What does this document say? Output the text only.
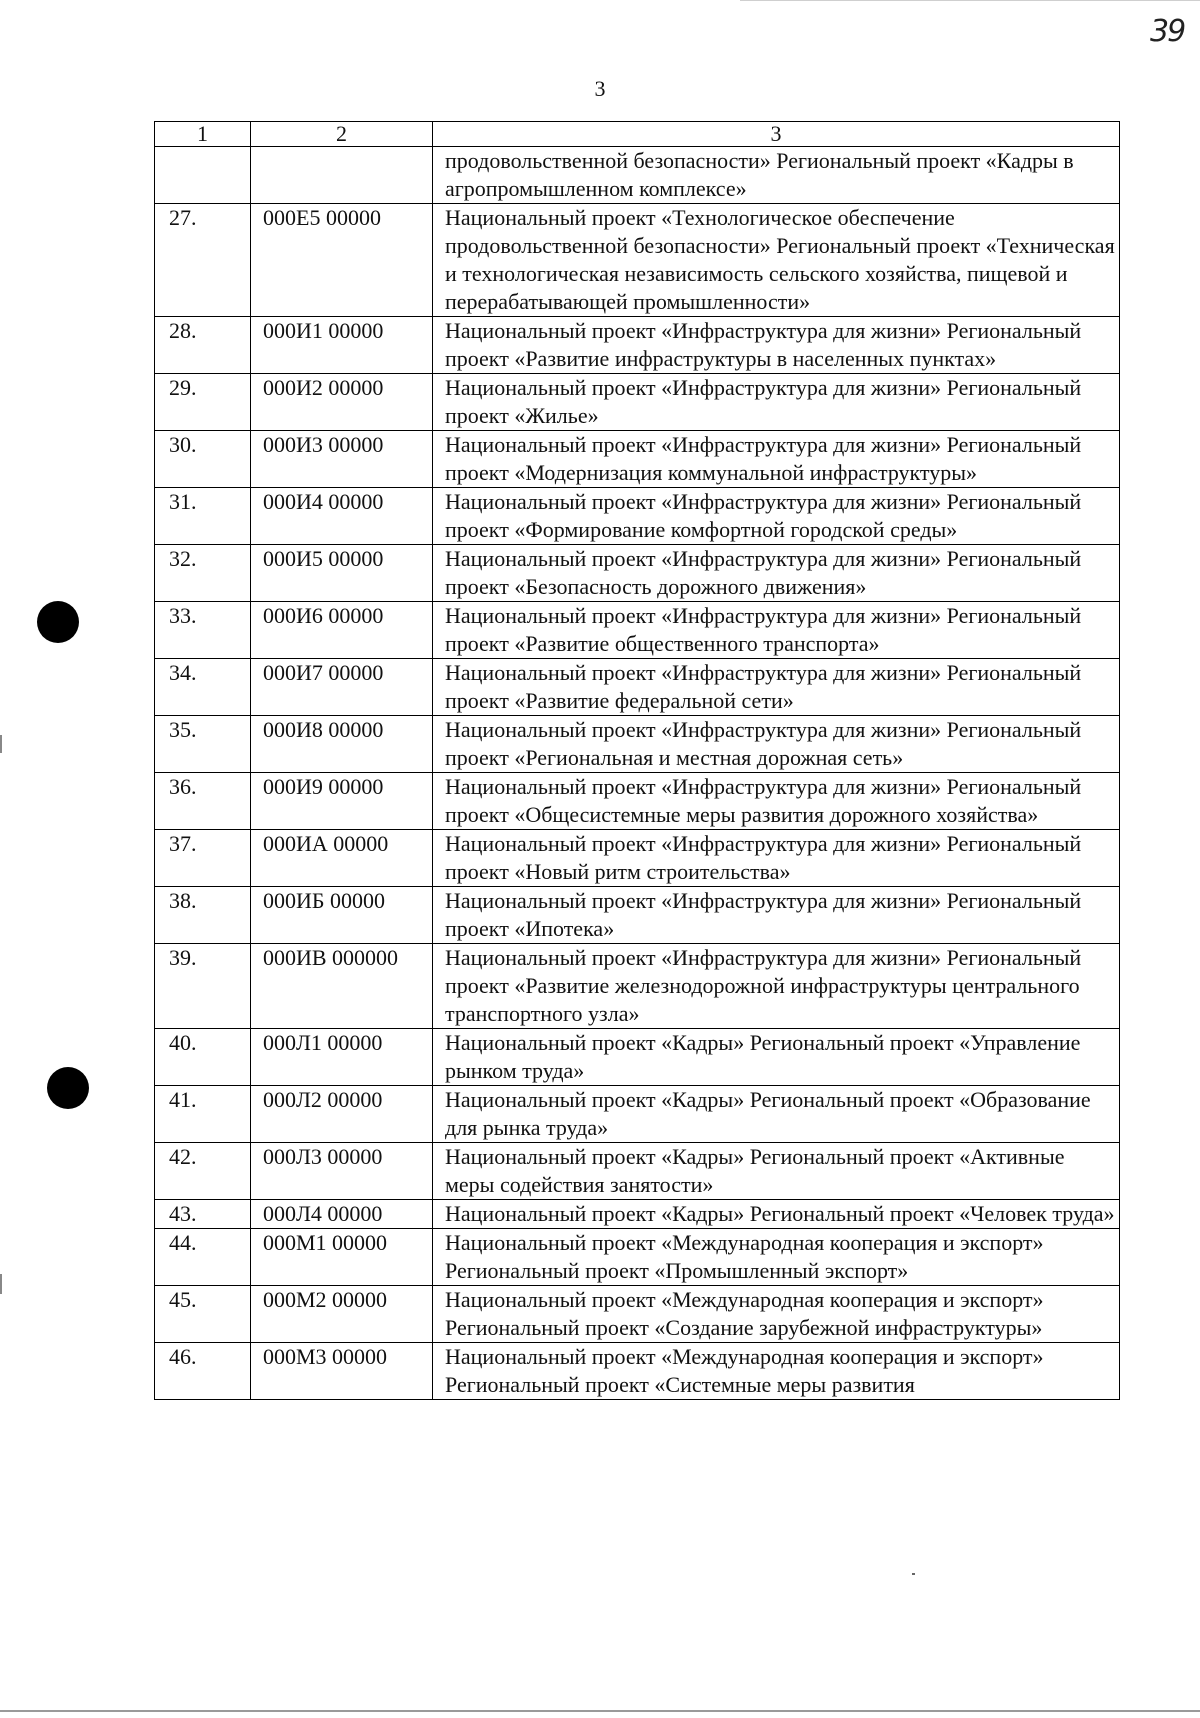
39
3
1	2	3
		продовольственной безопасности» Региональный проект «Кадры в агропромышленном комплексе»
27.	000Е5 00000	Национальный проект «Технологическое обеспечение продовольственной безопасности» Региональный проект «Техническая и технологическая независимость сельского хозяйства, пищевой и перерабатывающей промышленности»
28.	000И1 00000	Национальный проект «Инфраструктура для жизни» Региональный проект «Развитие инфраструктуры в населенных пунктах»
29.	000И2 00000	Национальный проект «Инфраструктура для жизни» Региональный проект «Жилье»
30.	000И3 00000	Национальный проект «Инфраструктура для жизни» Региональный проект «Модернизация коммунальной инфраструктуры»
31.	000И4 00000	Национальный проект «Инфраструктура для жизни» Региональный проект «Формирование комфортной городской среды»
32.	000И5 00000	Национальный проект «Инфраструктура для жизни» Региональный проект «Безопасность дорожного движения»
33.	000И6 00000	Национальный проект «Инфраструктура для жизни» Региональный проект «Развитие общественного транспорта»
34.	000И7 00000	Национальный проект «Инфраструктура для жизни» Региональный проект «Развитие федеральной сети»
35.	000И8 00000	Национальный проект «Инфраструктура для жизни» Региональный проект «Региональная и местная дорожная сеть»
36.	000И9 00000	Национальный проект «Инфраструктура для жизни» Региональный проект «Общесистемные меры развития дорожного хозяйства»
37.	000ИА 00000	Национальный проект «Инфраструктура для жизни» Региональный проект «Новый ритм строительства»
38.	000ИБ 00000	Национальный проект «Инфраструктура для жизни» Региональный проект «Ипотека»
39.	000ИВ 000000	Национальный проект «Инфраструктура для жизни» Региональный проект «Развитие железнодорожной инфраструктуры центрального транспортного узла»
40.	000Л1 00000	Национальный проект «Кадры» Региональный проект «Управление рынком труда»
41.	000Л2 00000	Национальный проект «Кадры» Региональный проект «Образование для рынка труда»
42.	000Л3 00000	Национальный проект «Кадры» Региональный проект «Активные меры содействия занятости»
43.	000Л4 00000	Национальный проект «Кадры» Региональный проект «Человек труда»
44.	000М1 00000	Национальный проект «Международная кооперация и экспорт» Региональный проект «Промышленный экспорт»
45.	000М2 00000	Национальный проект «Международная кооперация и экспорт» Региональный проект «Создание зарубежной инфраструктуры»
46.	000М3 00000	Национальный проект «Международная кооперация и экспорт» Региональный проект «Системные меры развития
